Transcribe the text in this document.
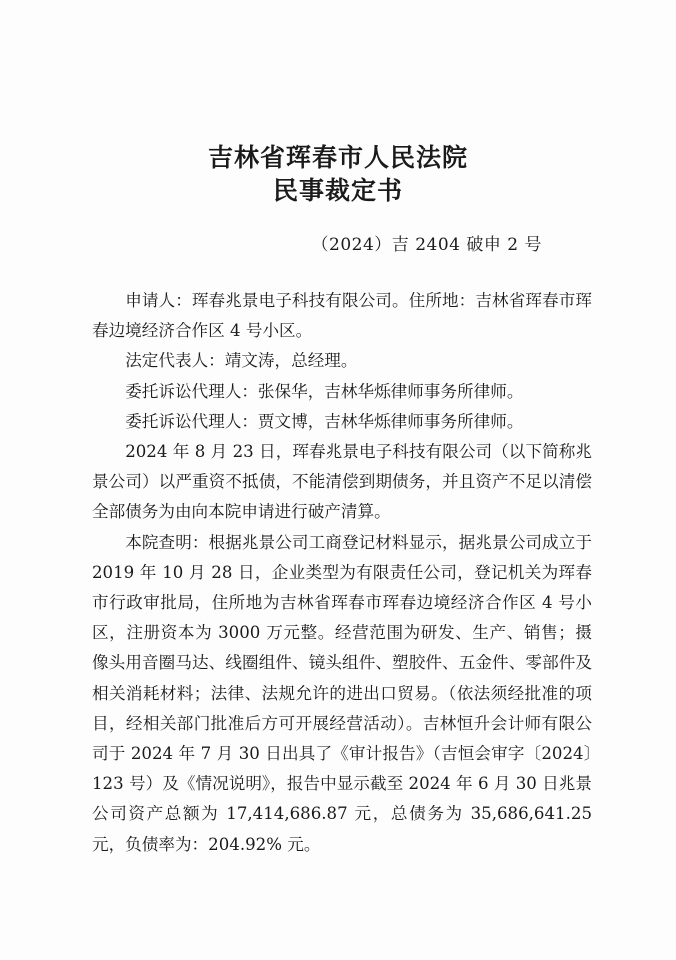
吉林省珲春市人民法院
民事裁定书
（2024）吉 2404 破申 2 号

申请人：珲春兆景电子科技有限公司。住所地：吉林省珲春市珲春边境经济合作区 4 号小区。

法定代表人：靖文涛，总经理。

委托诉讼代理人：张保华，吉林华烁律师事务所律师。

委托诉讼代理人：贾文博，吉林华烁律师事务所律师。

2024 年 8 月 23 日，珲春兆景电子科技有限公司（以下简称兆景公司）以严重资不抵债，不能清偿到期债务，并且资产不足以清偿全部债务为由向本院申请进行破产清算。

本院查明：根据兆景公司工商登记材料显示，据兆景公司成立于 2019 年 10 月 28 日，企业类型为有限责任公司，登记机关为珲春市行政审批局，住所地为吉林省珲春市珲春边境经济合作区 4 号小区，注册资本为 3000 万元整。经营范围为研发、生产、销售；摄像头用音圈马达、线圈组件、镜头组件、塑胶件、五金件、零部件及相关消耗材料；法律、法规允许的进出口贸易。（依法须经批准的项目，经相关部门批准后方可开展经营活动）。吉林恒升会计师有限公司于 2024 年 7 月 30 日出具了《审计报告》（吉恒会审字〔2024〕123 号）及《情况说明》，报告中显示截至 2024 年 6 月 30 日兆景公司资产总额为 17,414,686.87 元，总债务为 35,686,641.25 元，负债率为：204.92% 元。
